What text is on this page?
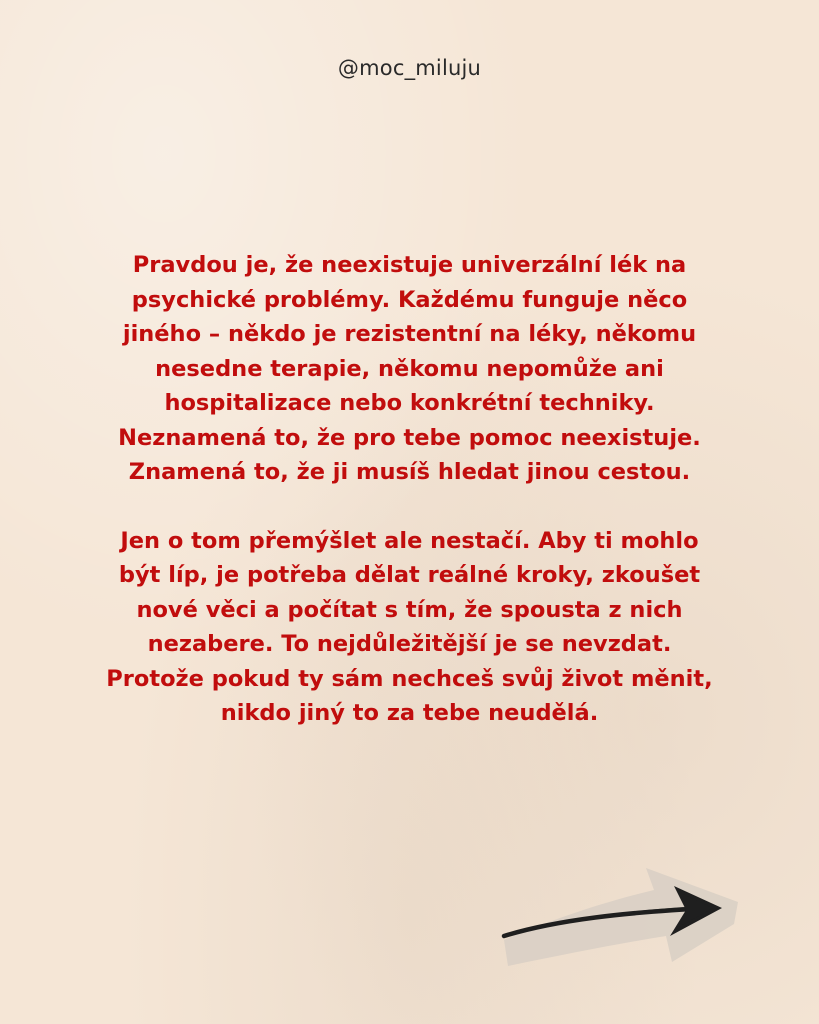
@moc_miluju

Pravdou je, že neexistuje univerzální lék na
psychické problémy. Každému funguje něco
jiného – někdo je rezistentní na léky, někomu
nesedne terapie, někomu nepomůže ani
hospitalizace nebo konkrétní techniky.
Neznamená to, že pro tebe pomoc neexistuje.
Znamená to, že ji musíš hledat jinou cestou.

Jen o tom přemýšlet ale nestačí. Aby ti mohlo
být líp, je potřeba dělat reálné kroky, zkoušet
nové věci a počítat s tím, že spousta z nich
nezabere. To nejdůležitější je se nevzdat.
Protože pokud ty sám nechceš svůj život měnit,
nikdo jiný to za tebe neudělá.
